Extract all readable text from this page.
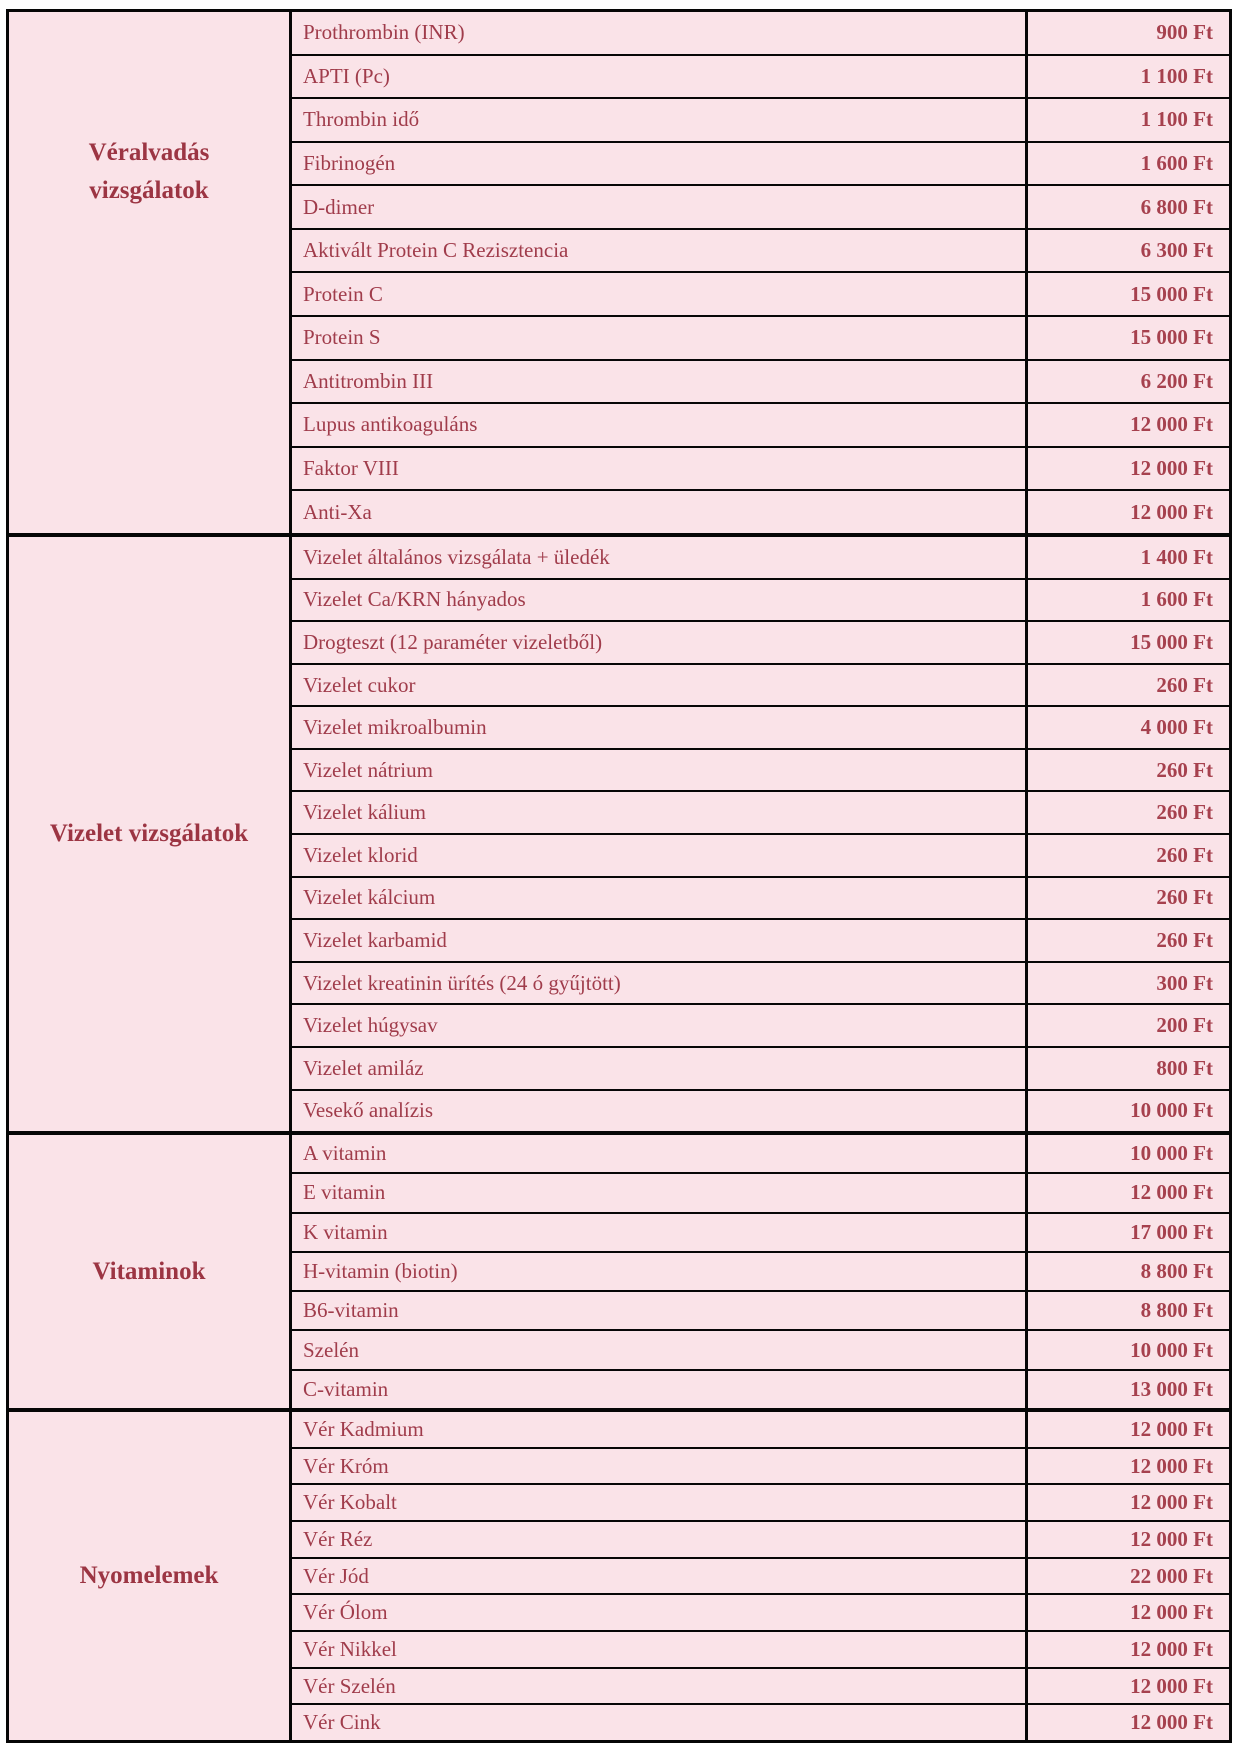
Véralvadás vizsgálatok
Prothrombin (INR)	900 Ft
APTI (Pc)	1 100 Ft
Thrombin idő	1 100 Ft
Fibrinogén	1 600 Ft
D-dimer	6 800 Ft
Aktivált Protein C Rezisztencia	6 300 Ft
Protein C	15 000 Ft
Protein S	15 000 Ft
Antitrombin III	6 200 Ft
Lupus antikoaguláns	12 000 Ft
Faktor VIII	12 000 Ft
Anti-Xa	12 000 Ft
Vizelet vizsgálatok
Vizelet általános vizsgálata + üledék	1 400 Ft
Vizelet Ca/KRN hányados	1 600 Ft
Drogteszt (12 paraméter vizeletből)	15 000 Ft
Vizelet cukor	260 Ft
Vizelet mikroalbumin	4 000 Ft
Vizelet nátrium	260 Ft
Vizelet kálium	260 Ft
Vizelet klorid	260 Ft
Vizelet kálcium	260 Ft
Vizelet karbamid	260 Ft
Vizelet kreatinin ürítés (24 ó gyűjtött)	300 Ft
Vizelet húgysav	200 Ft
Vizelet amiláz	800 Ft
Vesekő analízis	10 000 Ft
Vitaminok
A vitamin	10 000 Ft
E vitamin	12 000 Ft
K vitamin	17 000 Ft
H-vitamin (biotin)	8 800 Ft
B6-vitamin	8 800 Ft
Szelén	10 000 Ft
C-vitamin	13 000 Ft
Nyomelemek
Vér Kadmium	12 000 Ft
Vér Króm	12 000 Ft
Vér Kobalt	12 000 Ft
Vér Réz	12 000 Ft
Vér Jód	22 000 Ft
Vér Ólom	12 000 Ft
Vér Nikkel	12 000 Ft
Vér Szelén	12 000 Ft
Vér Cink	12 000 Ft
